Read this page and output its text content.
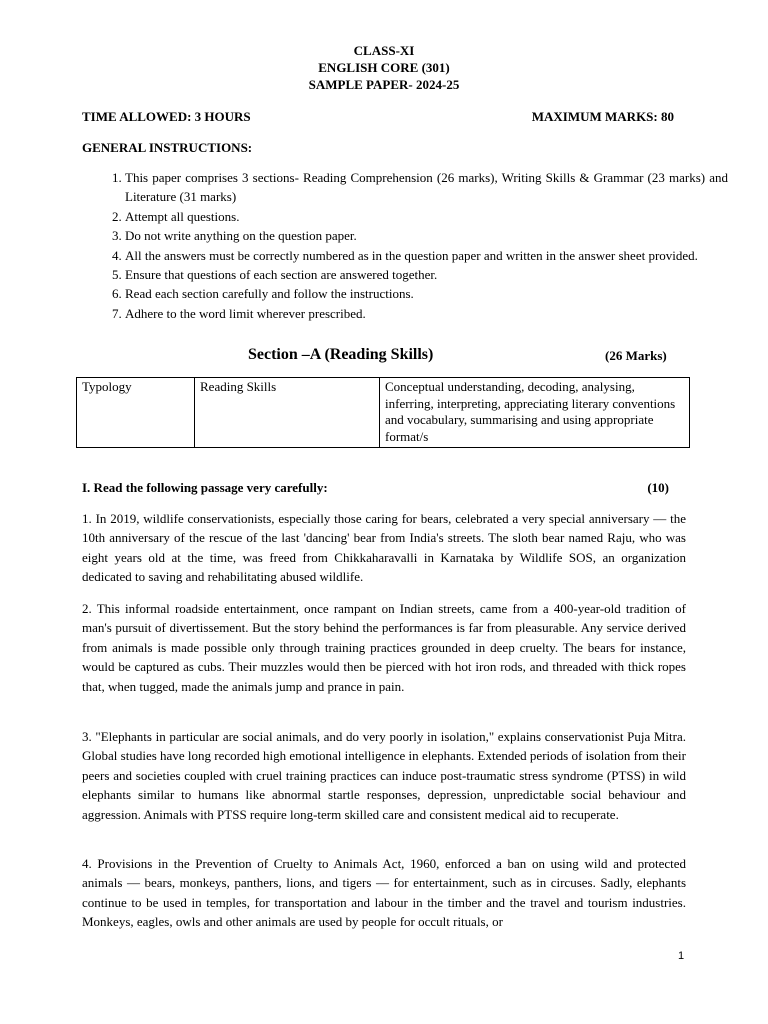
CLASS-XI
ENGLISH CORE (301)
SAMPLE PAPER- 2024-25
TIME ALLOWED: 3 HOURS	MAXIMUM MARKS: 80
GENERAL INSTRUCTIONS:
1. This paper comprises 3 sections- Reading Comprehension (26 marks), Writing Skills & Grammar (23 marks) and Literature (31 marks)
2. Attempt all questions.
3. Do not write anything on the question paper.
4. All the answers must be correctly numbered as in the question paper and written in the answer sheet provided.
5. Ensure that questions of each section are answered together.
6. Read each section carefully and follow the instructions.
7. Adhere to the word limit wherever prescribed.
Section –A (Reading Skills)	(26 Marks)
Typology	Reading Skills	Conceptual understanding, decoding, analysing, inferring, interpreting, appreciating literary conventions and vocabulary, summarising and using appropriate format/s
I. Read the following passage very carefully:	(10)

1. In 2019, wildlife conservationists, especially those caring for bears, celebrated a very special anniversary — the 10th anniversary of the rescue of the last 'dancing' bear from India's streets. The sloth bear named Raju, who was eight years old at the time, was freed from Chikkaharavalli in Karnataka by Wildlife SOS, an organization dedicated to saving and rehabilitating abused wildlife.

2. This informal roadside entertainment, once rampant on Indian streets, came from a 400-year-old tradition of man's pursuit of divertissement. But the story behind the performances is far from pleasurable. Any service derived from animals is made possible only through training practices grounded in deep cruelty. The bears for instance, would be captured as cubs. Their muzzles would then be pierced with hot iron rods, and threaded with thick ropes that, when tugged, made the animals jump and prance in pain.

3. "Elephants in particular are social animals, and do very poorly in isolation," explains conservationist Puja Mitra. Global studies have long recorded high emotional intelligence in elephants. Extended periods of isolation from their peers and societies coupled with cruel training practices can induce post-traumatic stress syndrome (PTSS) in wild elephants similar to humans like abnormal startle responses, depression, unpredictable social behaviour and aggression. Animals with PTSS require long-term skilled care and consistent medical aid to recuperate.

4. Provisions in the Prevention of Cruelty to Animals Act, 1960, enforced a ban on using wild and protected animals — bears, monkeys, panthers, lions, and tigers — for entertainment, such as in circuses. Sadly, elephants continue to be used in temples, for transportation and labour in the timber and the travel and tourism industries. Monkeys, eagles, owls and other animals are used by people for occult rituals, or

1
